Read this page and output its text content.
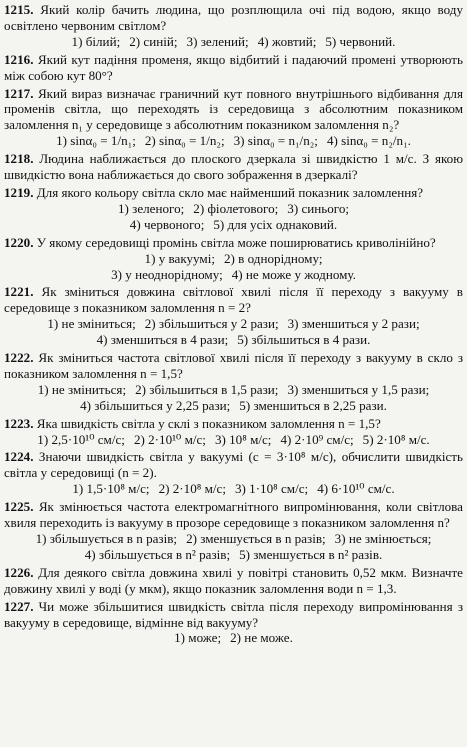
1215. Який колір бачить людина, що розплющила очі під водою, якщо воду освітлено червоним світлом?
1) білий; 2) синій; 3) зелений; 4) жовтий; 5) червоний.
1216. Який кут падіння променя, якщо відбитий і падаючий промені утворюють між собою кут 80°?
1217. Який вираз визначає граничний кут повного внутрішнього відбивання для променів світла, що переходять із середовища з абсолютним показником заломлення n₁ у середовище з абсолютним показником заломлення n₂?
1) sinα₀ = 1/n₁; 2) sinα₀ = 1/n₂; 3) sinα₀ = n₁/n₂; 4) sinα₀ = n₂/n₁.
1218. Людина наближається до плоского дзеркала зі швидкістю 1 м/с. З якою швидкістю вона наближається до свого зображення в дзеркалі?
1219. Для якого кольору світла скло має найменший показник заломлення?
1) зеленого; 2) фіолетового; 3) синього;
4) червоного; 5) для усіх однаковий.
1220. У якому середовищі промінь світла може поширюватись криволінійно?
1) у вакуумі; 2) в однорідному;
3) у неоднорідному; 4) не може у жодному.
1221. Як зміниться довжина світлової хвилі після її переходу з вакууму в середовище з показником заломлення n = 2?
1) не зміниться; 2) збільшиться у 2 рази; 3) зменшиться у 2 рази;
4) зменшиться в 4 рази; 5) збільшиться в 4 рази.
1222. Як зміниться частота світлової хвилі після її переходу з вакууму в скло з показником заломлення n = 1,5?
1) не зміниться; 2) збільшиться в 1,5 рази; 3) зменшиться у 1,5 рази;
4) збільшиться у 2,25 рази; 5) зменшиться в 2,25 рази.
1223. Яка швидкість світла у склі з показником заломлення n = 1,5?
1) 2,5·10¹⁰ см/с; 2) 2·10¹⁰ м/с; 3) 10⁸ м/с; 4) 2·10⁹ см/с; 5) 2·10⁸ м/с.
1224. Знаючи швидкість світла у вакуумі (c = 3·10⁸ м/с), обчислити швидкість світла у середовищі (n = 2).
1) 1,5·10⁸ м/с; 2) 2·10⁸ м/с; 3) 1·10⁸ см/с; 4) 6·10¹⁰ см/с.
1225. Як змінюється частота електромагнітного випромінювання, коли світлова хвиля переходить із вакууму в прозоре середовище з показником заломлення n?
1) збільшується в n разів; 2) зменшується в n разів; 3) не змінюється;
4) збільшується в n² разів; 5) зменшується в n² разів.
1226. Для деякого світла довжина хвилі у повітрі становить 0,52 мкм. Визначте довжину хвилі у воді (у мкм), якщо показник заломлення води n = 1,3.
1227. Чи може збільшитися швидкість світла після переходу випромінювання з вакууму в середовище, відмінне від вакууму?
1) може; 2) не може.
